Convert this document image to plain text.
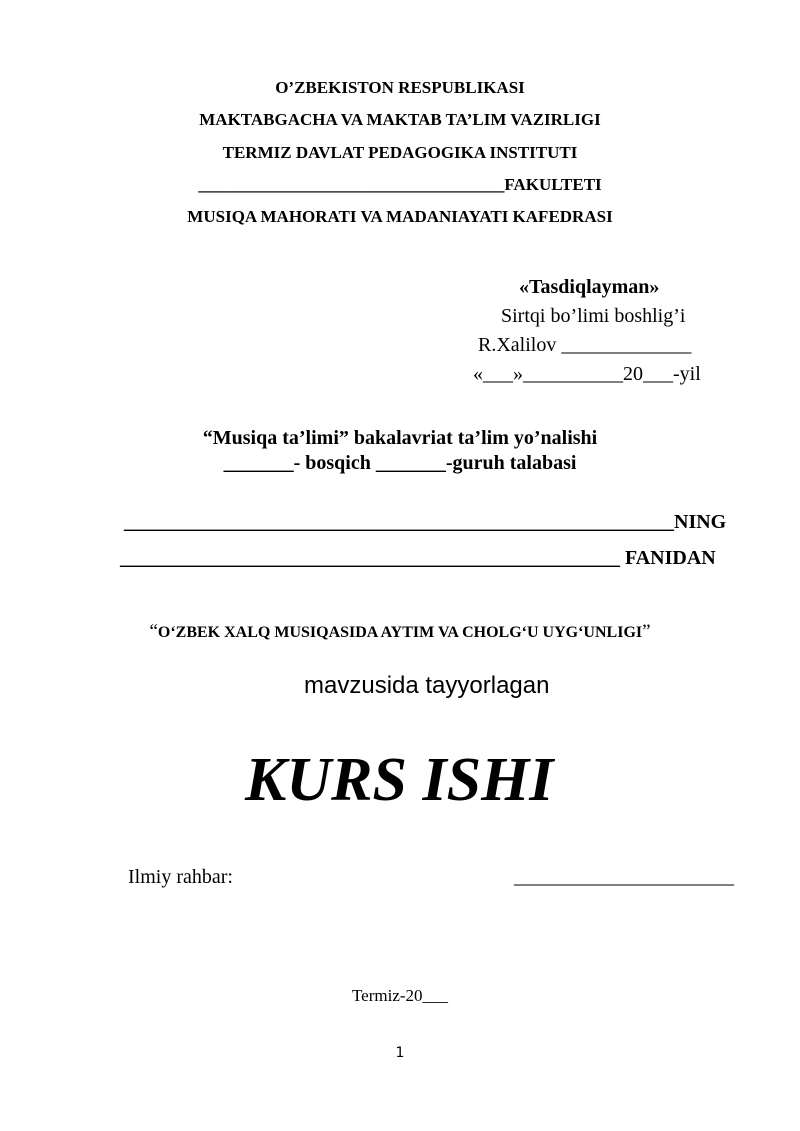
O’ZBEKISTON RESPUBLIKASI
MAKTABGACHA VA MAKTAB TA’LIM VAZIRLIGI
TERMIZ DAVLAT PEDAGOGIKA INSTITUTI
____________________________________FAKULTETI
MUSIQA MAHORATI VA MADANIAYATI KAFEDRASI
«Tasdiqlayman»
Sirtqi bo’limi boshlig’i
R.Xalilov _____________
«___»__________20___-yil
“Musiqa ta’limi” bakalavriat ta’lim yo’nalishi
_______- bosqich _______-guruh talabasi
_______________________________________________________NING
__________________________________________________ FANIDAN
“O‘ZBEK XALQ MUSIQASIDA AYTIM VA CHOLG‘U UYG‘UNLIGI”
mavzusida tayyorlagan
KURS ISHI
Ilmiy rahbar:	______________________
Termiz-20___
1
